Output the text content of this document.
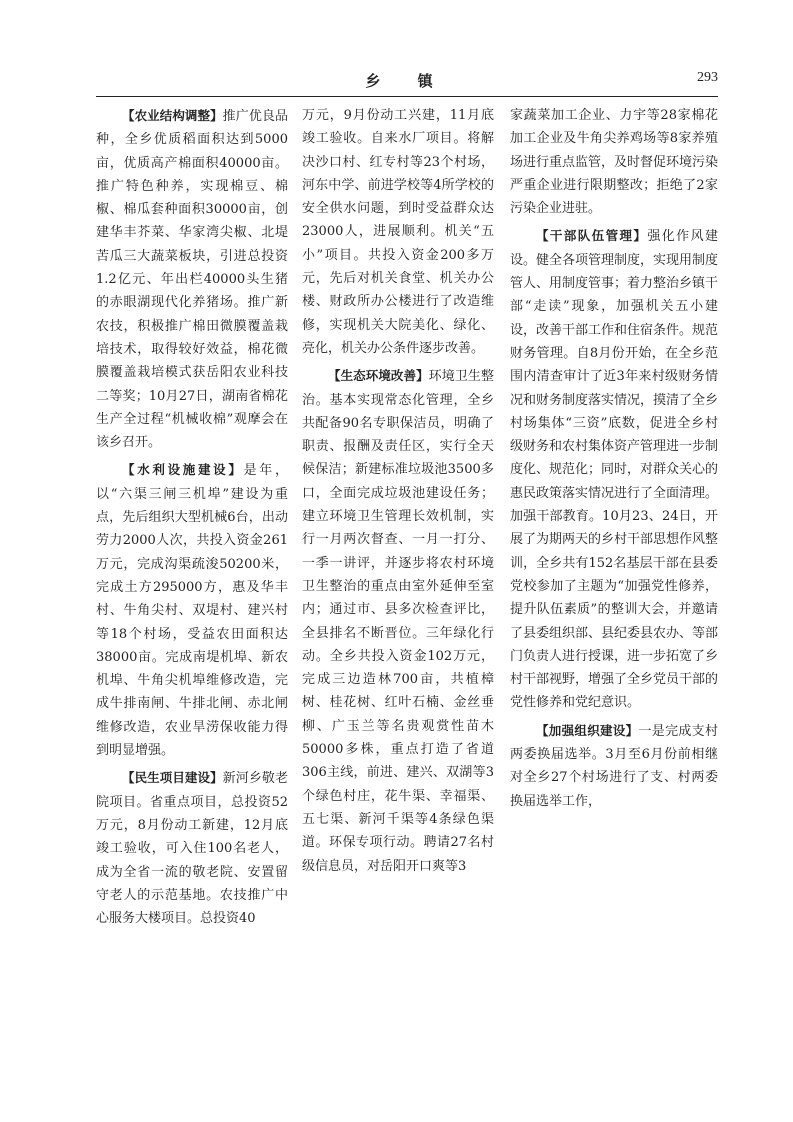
乡 镇	293

【农业结构调整】推广优良品种，全乡优质稻面积达到5000亩，优质高产棉面积40000亩。推广特色种养，实现棉豆、棉椒、棉瓜套种面积30000亩，创建华丰芥菜、华家湾尖椒、北堤苦瓜三大蔬菜板块，引进总投资1.2亿元、年出栏40000头生猪的赤眼湖现代化养猪场。推广新农技，积极推广棉田微膜覆盖栽培技术，取得较好效益，棉花微膜覆盖栽培模式获岳阳农业科技二等奖；10月27日，湖南省棉花生产全过程“机械收棉”观摩会在该乡召开。

【水利设施建设】是年，以“六渠三闸三机埠”建设为重点，先后组织大型机械6台，出动劳力2000人次，共投入资金261万元，完成沟渠疏浚50200米，完成土方295000方，惠及华丰村、牛角尖村、双堤村、建兴村等18个村场，受益农田面积达38000亩。完成南堤机埠、新农机埠、牛角尖机埠维修改造，完成牛排南闸、牛排北闸、赤北闸维修改造，农业旱涝保收能力得到明显增强。

【民生项目建设】新河乡敬老院项目。省重点项目，总投资52万元，8月份动工新建，12月底竣工验收，可入住100名老人，成为全省一流的敬老院、安置留守老人的示范基地。农技推广中心服务大楼项目。总投资40

万元，9月份动工兴建，11月底竣工验收。自来水厂项目。将解决沙口村、红专村等23个村场，河东中学、前进学校等4所学校的安全供水问题，到时受益群众达23000人，进展顺利。机关“五小”项目。共投入资金200多万元，先后对机关食堂、机关办公楼、财政所办公楼进行了改造维修，实现机关大院美化、绿化、亮化，机关办公条件逐步改善。

【生态环境改善】环境卫生整治。基本实现常态化管理，全乡共配备90名专职保洁员，明确了职责、报酬及责任区，实行全天候保洁；新建标准垃圾池3500多口，全面完成垃圾池建设任务；建立环境卫生管理长效机制，实行一月两次督查、一月一打分、一季一讲评，并逐步将农村环境卫生整治的重点由室外延伸至室内；通过市、县多次检查评比，全县排名不断晋位。三年绿化行动。全乡共投入资金102万元，完成三边造林700亩，共植樟树、桂花树、红叶石楠、金丝垂柳、广玉兰等名贵观赏性苗木50000多株，重点打造了省道306主线，前进、建兴、双湖等3个绿色村庄，花牛渠、幸福渠、五七渠、新河千渠等4条绿色渠道。环保专项行动。聘请27名村级信息员，对岳阳开口爽等3

家蔬菜加工企业、力宇等28家棉花加工企业及牛角尖养鸡场等8家养殖场进行重点监管，及时督促环境污染严重企业进行限期整改；拒绝了2家污染企业进驻。

【干部队伍管理】强化作风建设。健全各项管理制度，实现用制度管人、用制度管事；着力整治乡镇干部“走读”现象，加强机关五小建设，改善干部工作和住宿条件。规范财务管理。自8月份开始，在全乡范围内清查审计了近3年来村级财务情况和财务制度落实情况，摸清了全乡村场集体“三资”底数，促进全乡村级财务和农村集体资产管理进一步制度化、规范化；同时，对群众关心的惠民政策落实情况进行了全面清理。加强干部教育。10月23、24日，开展了为期两天的乡村干部思想作风整训，全乡共有152名基层干部在县委党校参加了主题为“加强党性修养，提升队伍素质”的整训大会，并邀请了县委组织部、县纪委县农办、等部门负责人进行授课，进一步拓宽了乡村干部视野，增强了全乡党员干部的党性修养和党纪意识。

【加强组织建设】一是完成支村两委换届选举。3月至6月份前相继对全乡27个村场进行了支、村两委换届选举工作，
